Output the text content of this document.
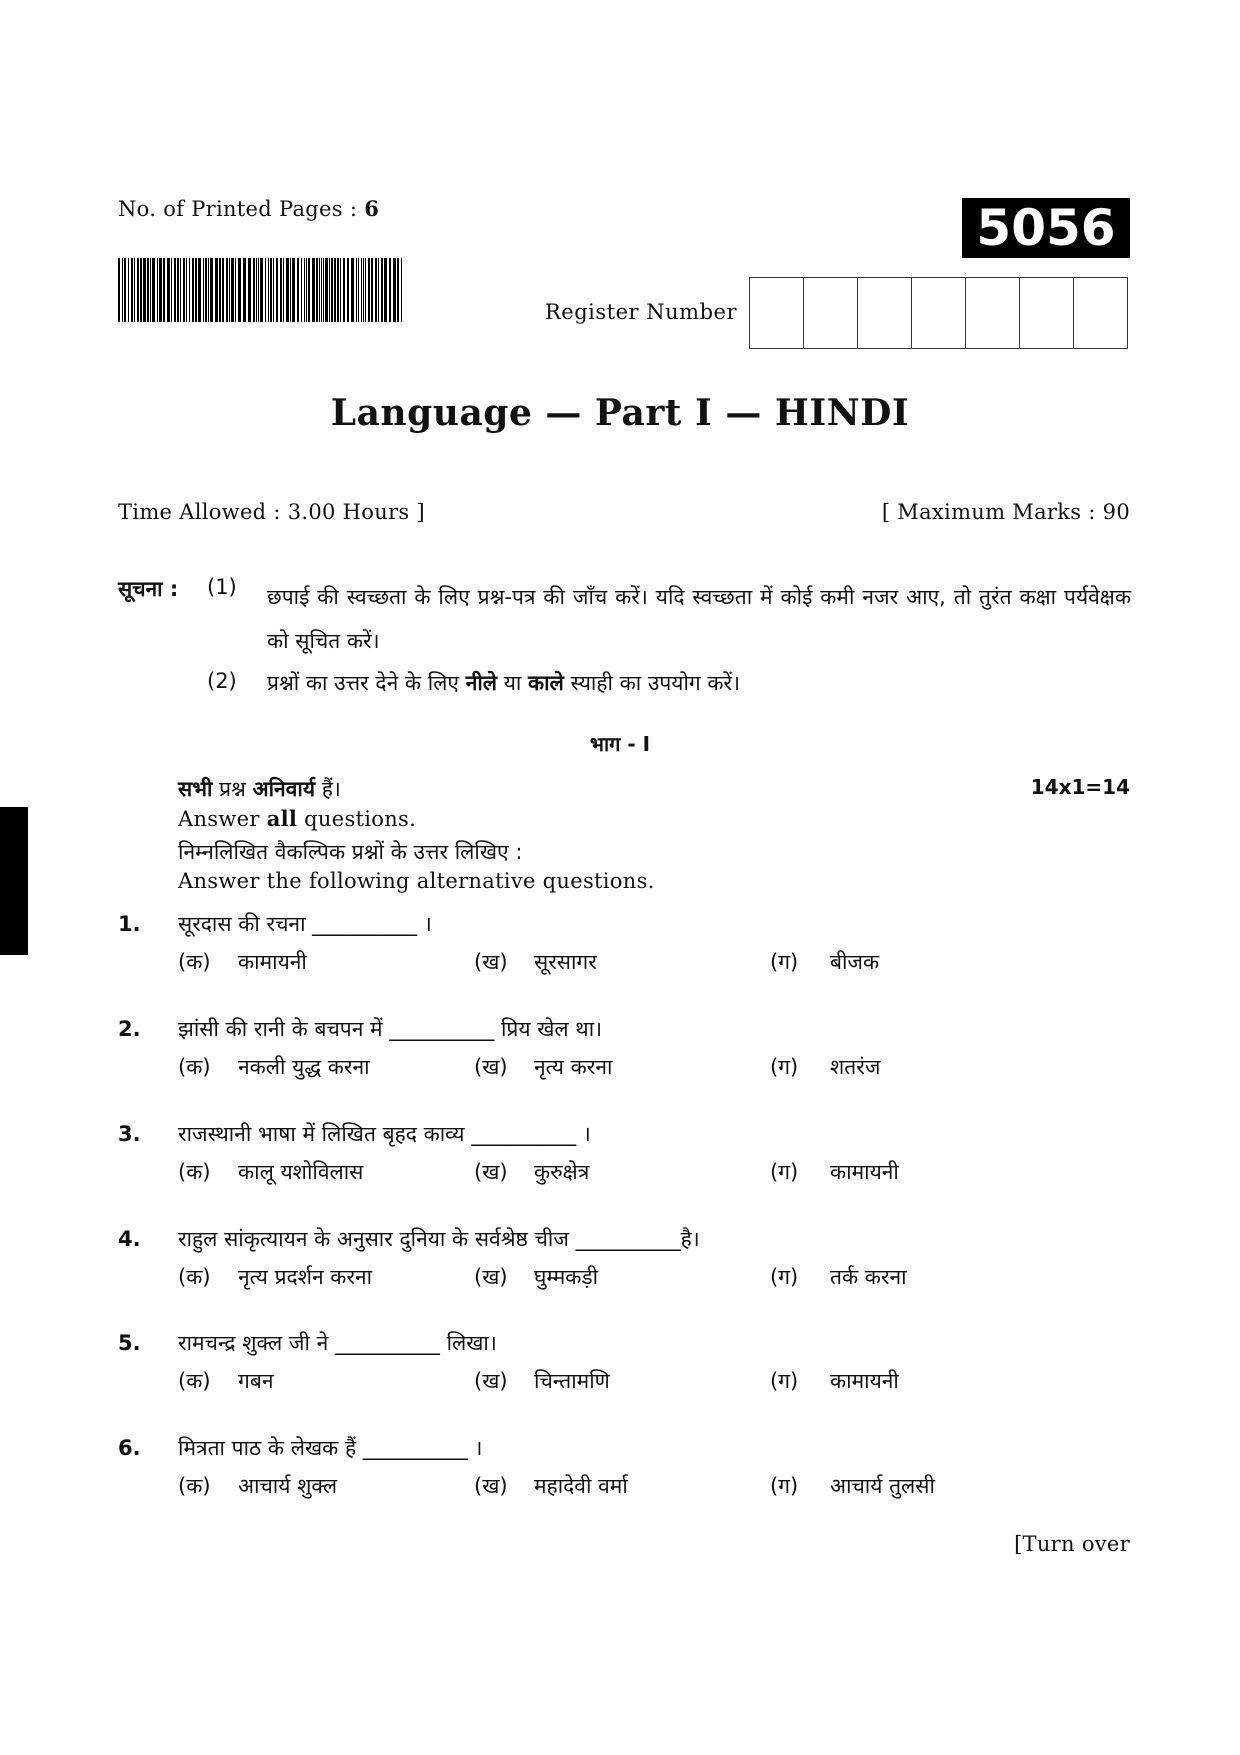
No. of Printed Pages : 6	5056
Register Number
Language — Part I — HINDI
Time Allowed : 3.00 Hours ]	[ Maximum Marks : 90
सूचना : (1) छपाई की स्वच्छता के लिए प्रश्न-पत्र की जाँच करें। यदि स्वच्छता में कोई कमी नजर आए, तो तुरंत कक्षा पर्यवेक्षक को सूचित करें।
(2) प्रश्नों का उत्तर देने के लिए नीले या काले स्याही का उपयोग करें।
भाग - I
सभी प्रश्न अनिवार्य हैं।	14x1=14
Answer all questions.
निम्नलिखित वैकल्पिक प्रश्नों के उत्तर लिखिए :
Answer the following alternative questions.
1. सूरदास की रचना __________ ।
(क) कामायनी	(ख) सूरसागर	(ग) बीजक
2. झांसी की रानी के बचपन में __________ प्रिय खेल था।
(क) नकली युद्ध करना	(ख) नृत्य करना	(ग) शतरंज
3. राजस्थानी भाषा में लिखित बृहद काव्य __________ ।
(क) कालू यशोविलास	(ख) कुरुक्षेत्र	(ग) कामायनी
4. राहुल सांकृत्यायन के अनुसार दुनिया के सर्वश्रेष्ठ चीज __________है।
(क) नृत्य प्रदर्शन करना	(ख) घुम्मकड़ी	(ग) तर्क करना
5. रामचन्द्र शुक्ल जी ने __________ लिखा।
(क) गबन	(ख) चिन्तामणि	(ग) कामायनी
6. मित्रता पाठ के लेखक हैं __________ ।
(क) आचार्य शुक्ल	(ख) महादेवी वर्मा	(ग) आचार्य तुलसी
[Turn over
